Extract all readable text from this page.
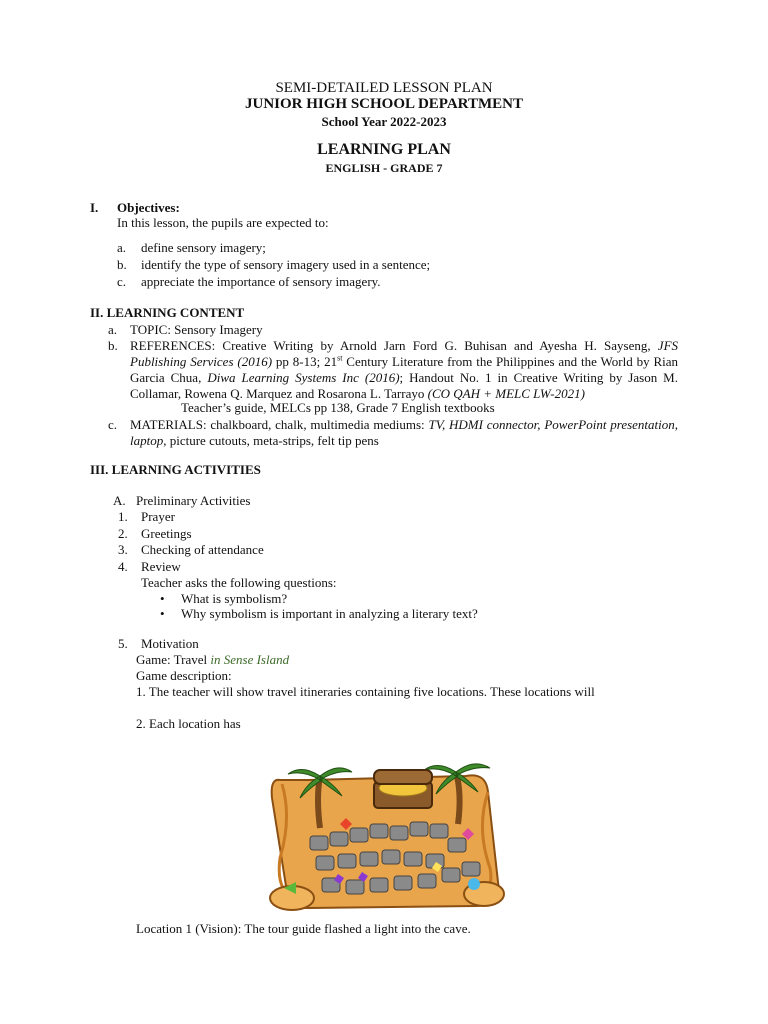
SEMI-DETAILED LESSON PLAN
JUNIOR HIGH SCHOOL DEPARTMENT
School Year 2022-2023
LEARNING PLAN
ENGLISH - GRADE 7
I. Objectives:
In this lesson, the pupils are expected to:
a. define sensory imagery;
b. identify the type of sensory imagery used in a sentence;
c. appreciate the importance of sensory imagery.
II. LEARNING CONTENT
a. TOPIC: Sensory Imagery
b. REFERENCES: Creative Writing by Arnold Jarn Ford G. Buhisan and Ayesha H. Sayseng, JFS Publishing Services (2016) pp 8-13; 21st Century Literature from the Philippines and the World by Rian Garcia Chua, Diwa Learning Systems Inc (2016); Handout No. 1 in Creative Writing by Jason M. Collamar, Rowena Q. Marquez and Rosarona L. Tarrayo (CO QAH + MELC LW-2021)
Teacher’s guide, MELCs pp 138, Grade 7 English textbooks
c. MATERIALS: chalkboard, chalk, multimedia mediums: TV, HDMI connector, PowerPoint presentation, laptop, picture cutouts, meta-strips, felt tip pens
III. LEARNING ACTIVITIES
A. Preliminary Activities
1. Prayer
2. Greetings
3. Checking of attendance
4. Review
Teacher asks the following questions:
• What is symbolism?
• Why symbolism is important in analyzing a literary text?
5. Motivation
Game: Travel in Sense Island
Game description:
1. The teacher will show travel itineraries containing five locations. These locations will
2. Each location has
Location 1 (Vision): The tour guide flashed a light into the cave.
